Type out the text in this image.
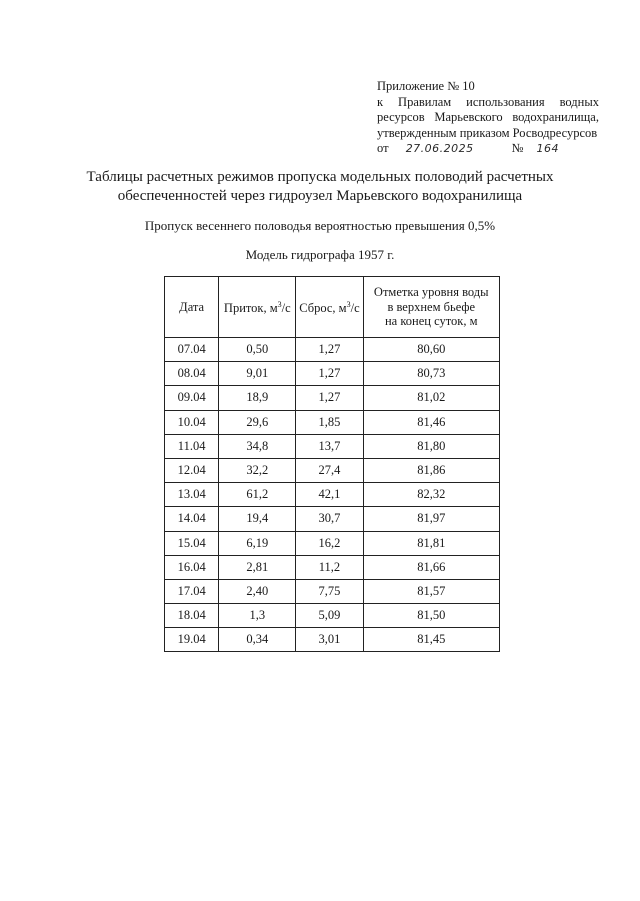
Приложение № 10
к Правилам использования водных
ресурсов Марьевского водохранилища,
утвержденным приказом Росводресурсов
от 27.06.2025	№ 164
Таблицы расчетных режимов пропуска модельных половодий расчетных
обеспеченностей через гидроузел Марьевского водохранилища
Пропуск весеннего половодья вероятностью превышения 0,5%
Модель гидрографа 1957 г.
Дата	Приток, $м^3/с$	Сброс, $м^3/с$	Отметка уровня воды
в верхнем бьефе
на конец суток, м
07.04	0,50	1,27	80,60
08.04	9,01	1,27	80,73
09.04	18,9	1,27	81,02
10.04	29,6	1,85	81,46
11.04	34,8	13,7	81,80
12.04	32,2	27,4	81,86
13.04	61,2	42,1	82,32
14.04	19,4	30,7	81,97
15.04	6,19	16,2	81,81
16.04	2,81	11,2	81,66
17.04	2,40	7,75	81,57
18.04	1,3	5,09	81,50
19.04	0,34	3,01	81,45
